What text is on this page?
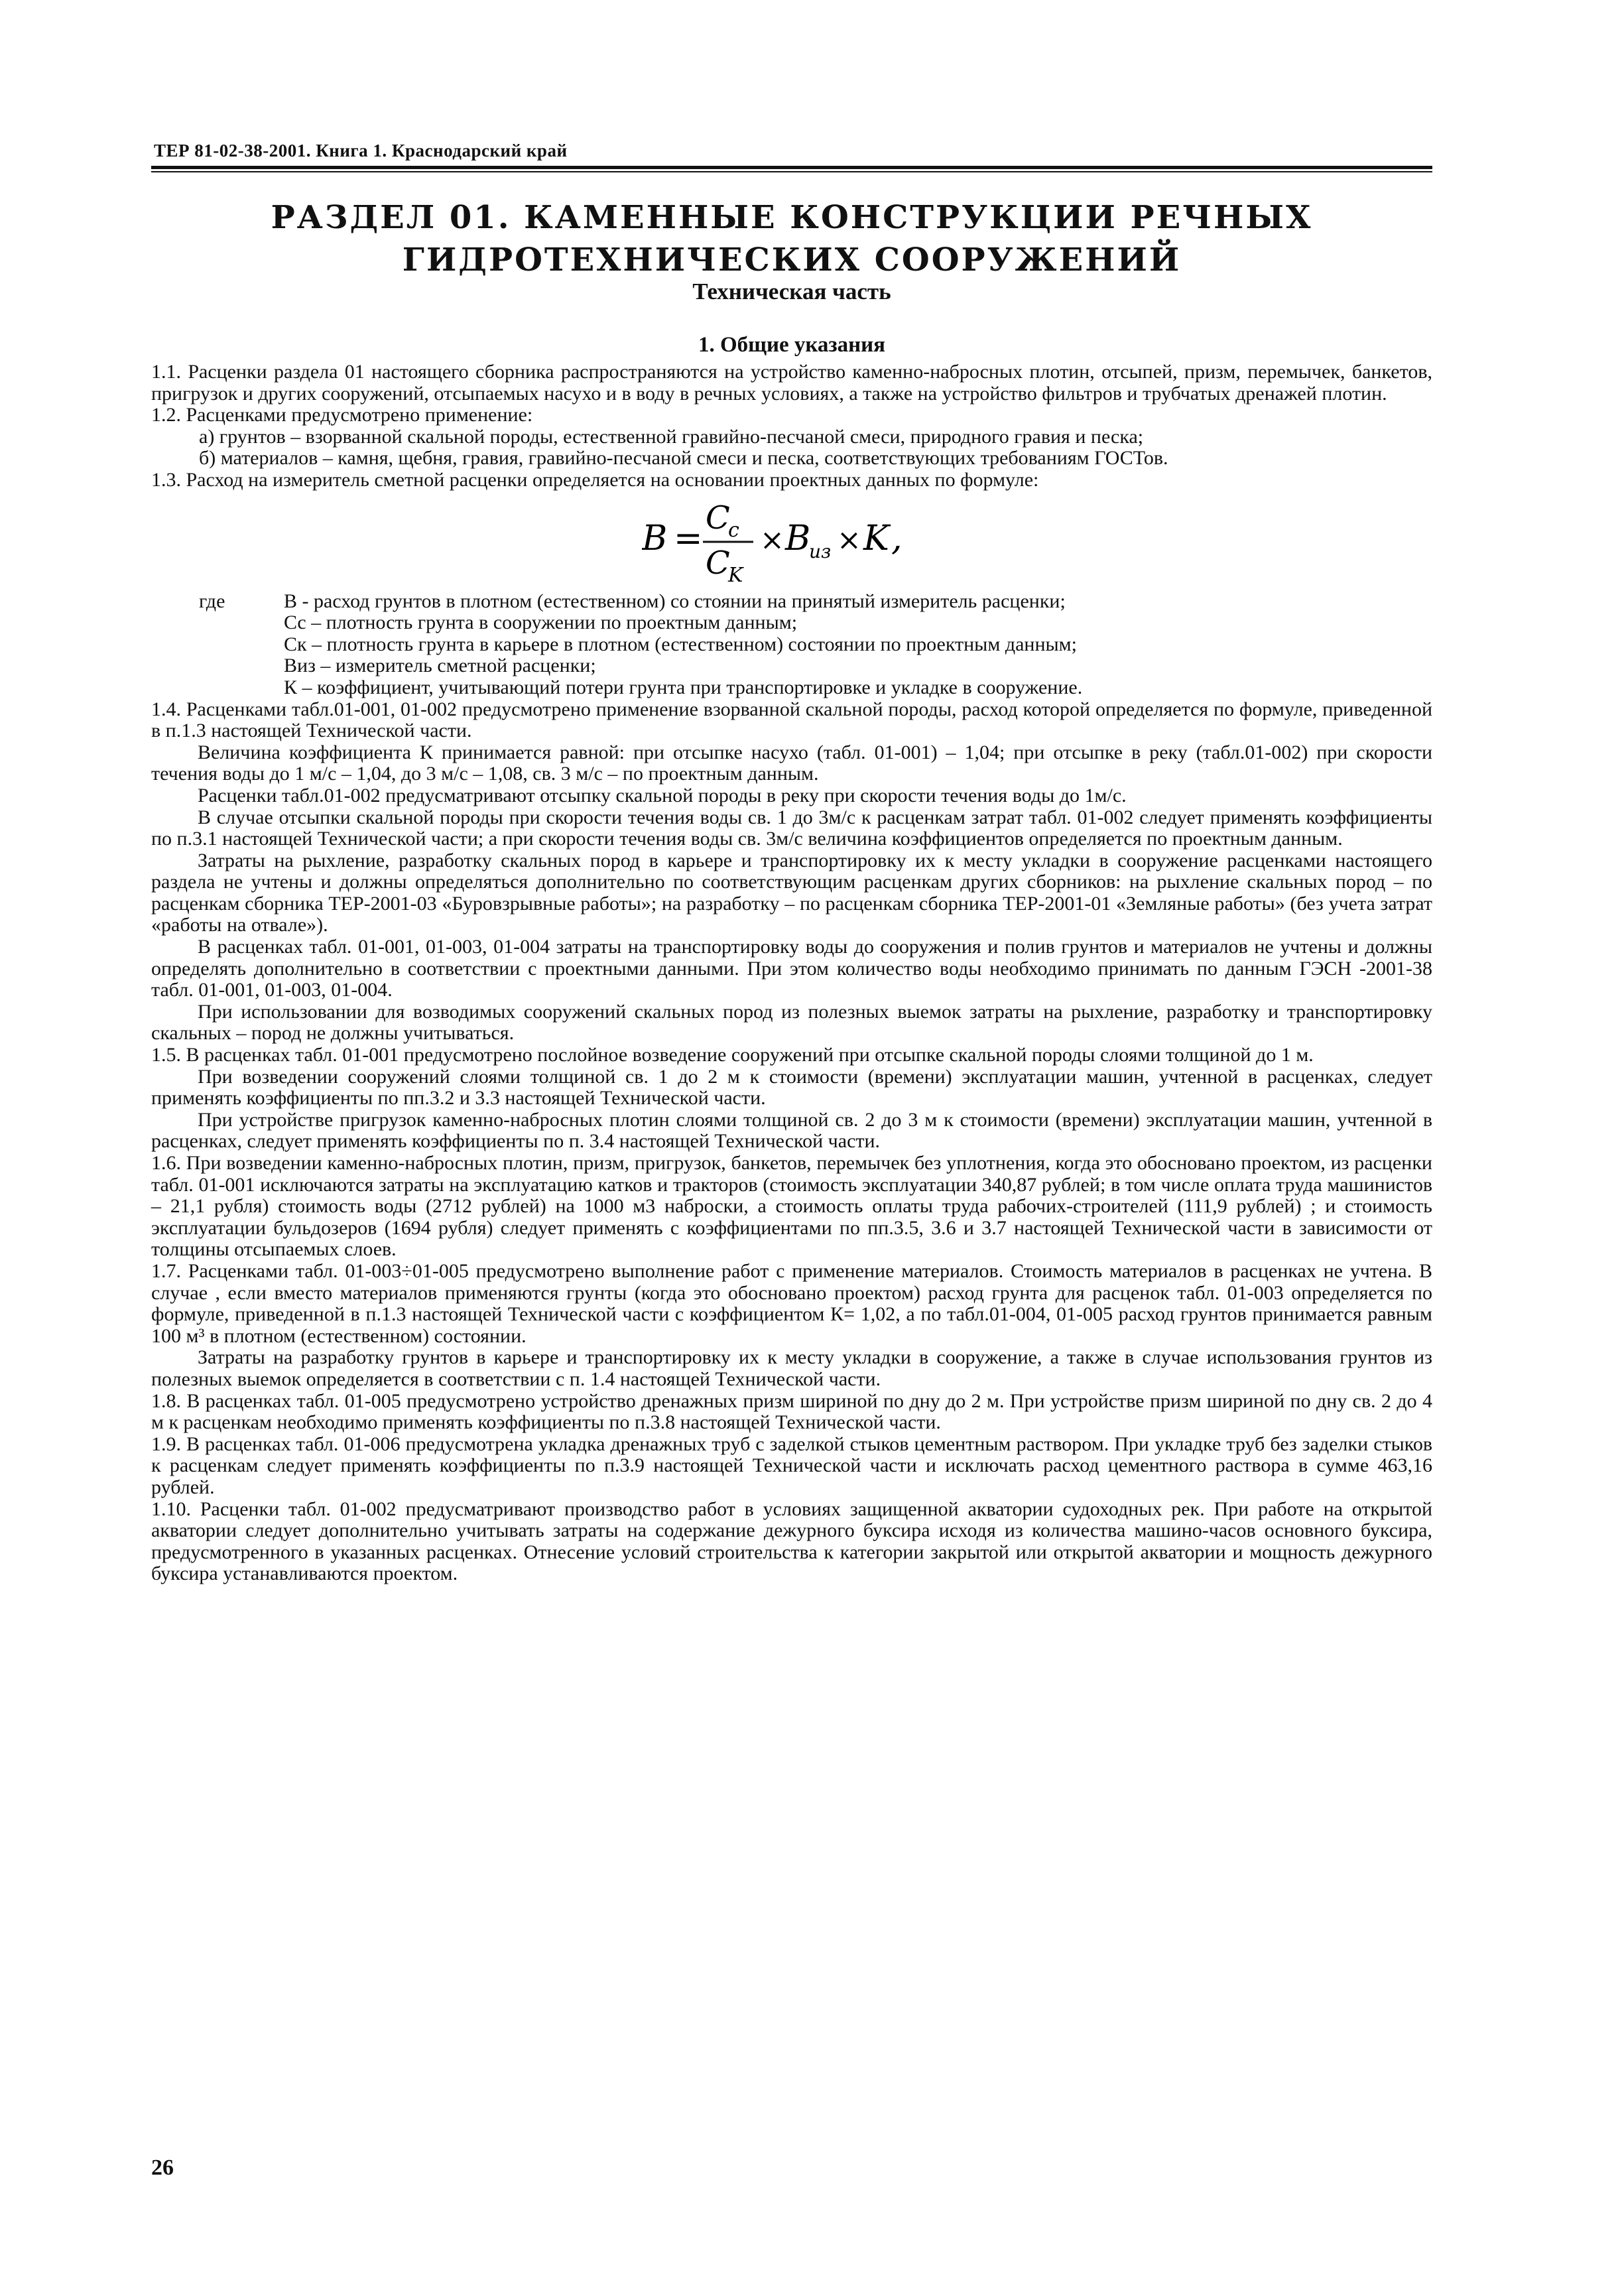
ТЕР 81-02-38-2001. Книга 1. Краснодарский край
РАЗДЕЛ 01. КАМЕННЫЕ КОНСТРУКЦИИ РЕЧНЫХ
ГИДРОТЕХНИЧЕСКИХ СООРУЖЕНИЙ
Техническая часть
1. Общие указания

1.1. Расценки раздела 01 настоящего сборника распространяются на устройство каменно-набросных плотин, отсыпей, призм, перемычек, банкетов, пригрузок и других сооружений, отсыпаемых насухо и в воду в речных условиях, а также на устройство фильтров и трубчатых дренажей плотин.

1.2. Расценками предусмотрено применение:

а) грунтов – взорванной скальной породы, естественной гравийно-песчаной смеси, природного гравия и песка;

б) материалов – камня, щебня, гравия, гравийно-песчаной смеси и песка, соответствующих требованиям ГОСТов.

1.3. Расход на измеритель сметной расценки определяется на основании проектных данных по формуле:

B =
C
c
C
K
× B
из × K ,
где	В - расход грунтов в плотном (естественном) со стоянии на принятый измеритель расценки;

Сс – плотность грунта в сооружении по проектным данным;

Ск – плотность грунта в карьере в плотном (естественном) состоянии по проектным данным;

Виз – измеритель сметной расценки;

К – коэффициент, учитывающий потери грунта при транспортировке и укладке в сооружение.

1.4. Расценками табл.01-001, 01-002 предусмотрено применение взорванной скальной породы, расход которой определяется по формуле, приведенной в п.1.3 настоящей Технической части.

Величина коэффициента К принимается равной: при отсыпке насухо (табл. 01-001) – 1,04; при отсыпке в реку (табл.01-002) при скорости течения воды до 1 м/с – 1,04, до 3 м/с – 1,08, св. 3 м/с – по проектным данным.

Расценки табл.01-002 предусматривают отсыпку скальной породы в реку при скорости течения воды до 1м/с.

В случае отсыпки скальной породы при скорости течения воды св. 1 до 3м/с к расценкам затрат табл. 01-002 следует применять коэффициенты по п.3.1 настоящей Технической части; а при скорости течения воды св. 3м/с величина коэффициентов определяется по проектным данным.

Затраты на рыхление, разработку скальных пород в карьере и транспортировку их к месту укладки в сооружение расценками настоящего раздела не учтены и должны определяться дополнительно по соответствующим расценкам других сборников: на рыхление скальных пород – по расценкам сборника ТЕР-2001-03 «Буровзрывные работы»; на разработку – по расценкам сборника ТЕР-2001-01 «Земляные работы» (без учета затрат «работы на отвале»).

В расценках табл. 01-001, 01-003, 01-004 затраты на транспортировку воды до сооружения и полив грунтов и материалов не учтены и должны определять дополнительно в соответствии с проектными данными. При этом количество воды необходимо принимать по данным ГЭСН -2001-38 табл. 01-001, 01-003, 01-004.

При использовании для возводимых сооружений скальных пород из полезных выемок затраты на рыхление, разработку и транспортировку скальных – пород не должны учитываться.

1.5. В расценках табл. 01-001 предусмотрено послойное возведение сооружений при отсыпке скальной породы слоями толщиной до 1 м.

При возведении сооружений слоями толщиной св. 1 до 2 м к стоимости (времени) эксплуатации машин, учтенной в расценках, следует применять коэффициенты по пп.3.2 и 3.3 настоящей Технической части.

При устройстве пригрузок каменно-набросных плотин слоями толщиной св. 2 до 3 м к стоимости (времени) эксплуатации машин, учтенной в расценках, следует применять коэффициенты по п. 3.4 настоящей Технической части.

1.6. При возведении каменно-набросных плотин, призм, пригрузок, банкетов, перемычек без уплотнения, когда это обосновано проектом, из расценки табл. 01-001 исключаются затраты на эксплуатацию катков и тракторов (стоимость эксплуатации 340,87 рублей; в том числе оплата труда машинистов – 21,1 рубля) стоимость воды (2712 рублей) на 1000 м3 наброски, а стоимость оплаты труда рабочих-строителей (111,9 рублей) ; и стоимость эксплуатации бульдозеров (1694 рубля) следует применять с коэффициентами по пп.3.5, 3.6 и 3.7 настоящей Технической части в зависимости от толщины отсыпаемых слоев.

1.7. Расценками табл. 01-003÷01-005 предусмотрено выполнение работ с применение материалов. Стоимость материалов в расценках не учтена. В случае , если вместо материалов применяются грунты (когда это обосновано проектом) расход грунта для расценок табл. 01-003 определяется по формуле, приведенной в п.1.3 настоящей Технической части с коэффициентом К= 1,02, а по табл.01-004, 01-005 расход грунтов принимается равным 100 м³ в плотном (естественном) состоянии.

Затраты на разработку грунтов в карьере и транспортировку их к месту укладки в сооружение, а также в случае использования грунтов из полезных выемок определяется в соответствии с п. 1.4 настоящей Технической части.

1.8. В расценках табл. 01-005 предусмотрено устройство дренажных призм шириной по дну до 2 м. При устройстве призм шириной по дну св. 2 до 4 м к расценкам необходимо применять коэффициенты по п.3.8 настоящей Технической части.

1.9. В расценках табл. 01-006 предусмотрена укладка дренажных труб с заделкой стыков цементным раствором. При укладке труб без заделки стыков к расценкам следует применять коэффициенты по п.3.9 настоящей Технической части и исключать расход цементного раствора в сумме 463,16 рублей.

1.10. Расценки табл. 01-002 предусматривают производство работ в условиях защищенной акватории судоходных рек. При работе на открытой акватории следует дополнительно учитывать затраты на содержание дежурного буксира исходя из количества машино-часов основного буксира, предусмотренного в указанных расценках. Отнесение условий строительства к категории закрытой или открытой акватории и мощность дежурного буксира устанавливаются проектом.

26
